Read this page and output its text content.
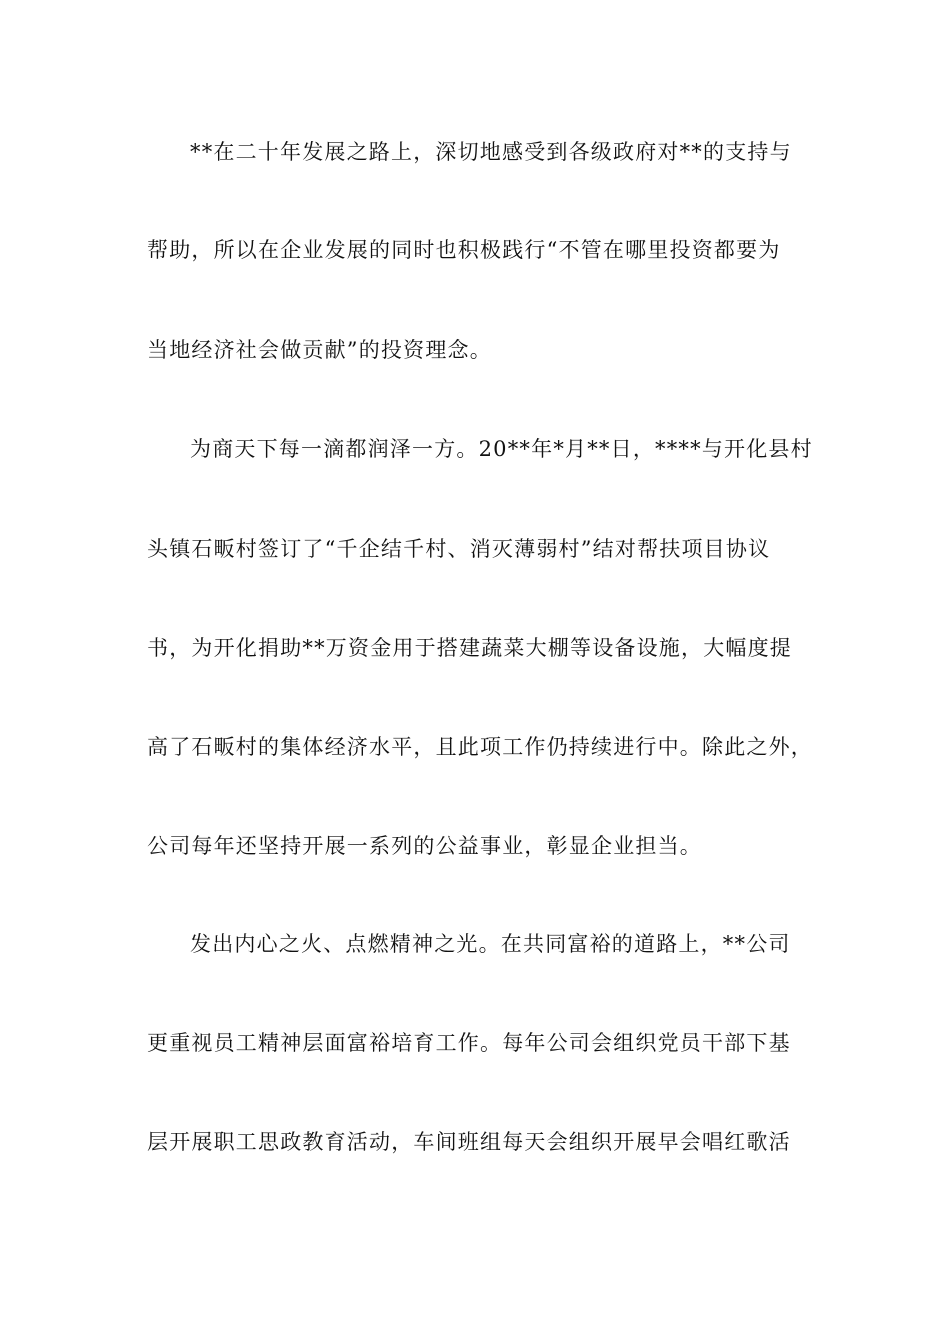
**在二十年发展之路上，深切地感受到各级政府对**的支持与

帮助，所以在企业发展的同时也积极践行“不管在哪里投资都要为

当地经济社会做贡献”的投资理念。

为商天下每一滴都润泽一方。20**年*月**日，****与开化县村

头镇石畈村签订了“千企结千村、消灭薄弱村”结对帮扶项目协议

书，为开化捐助**万资金用于搭建蔬菜大棚等设备设施，大幅度提

高了石畈村的集体经济水平，且此项工作仍持续进行中。除此之外，

公司每年还坚持开展一系列的公益事业，彰显企业担当。

发出内心之火、点燃精神之光。在共同富裕的道路上，**公司

更重视员工精神层面富裕培育工作。每年公司会组织党员干部下基

层开展职工思政教育活动，车间班组每天会组织开展早会唱红歌活
